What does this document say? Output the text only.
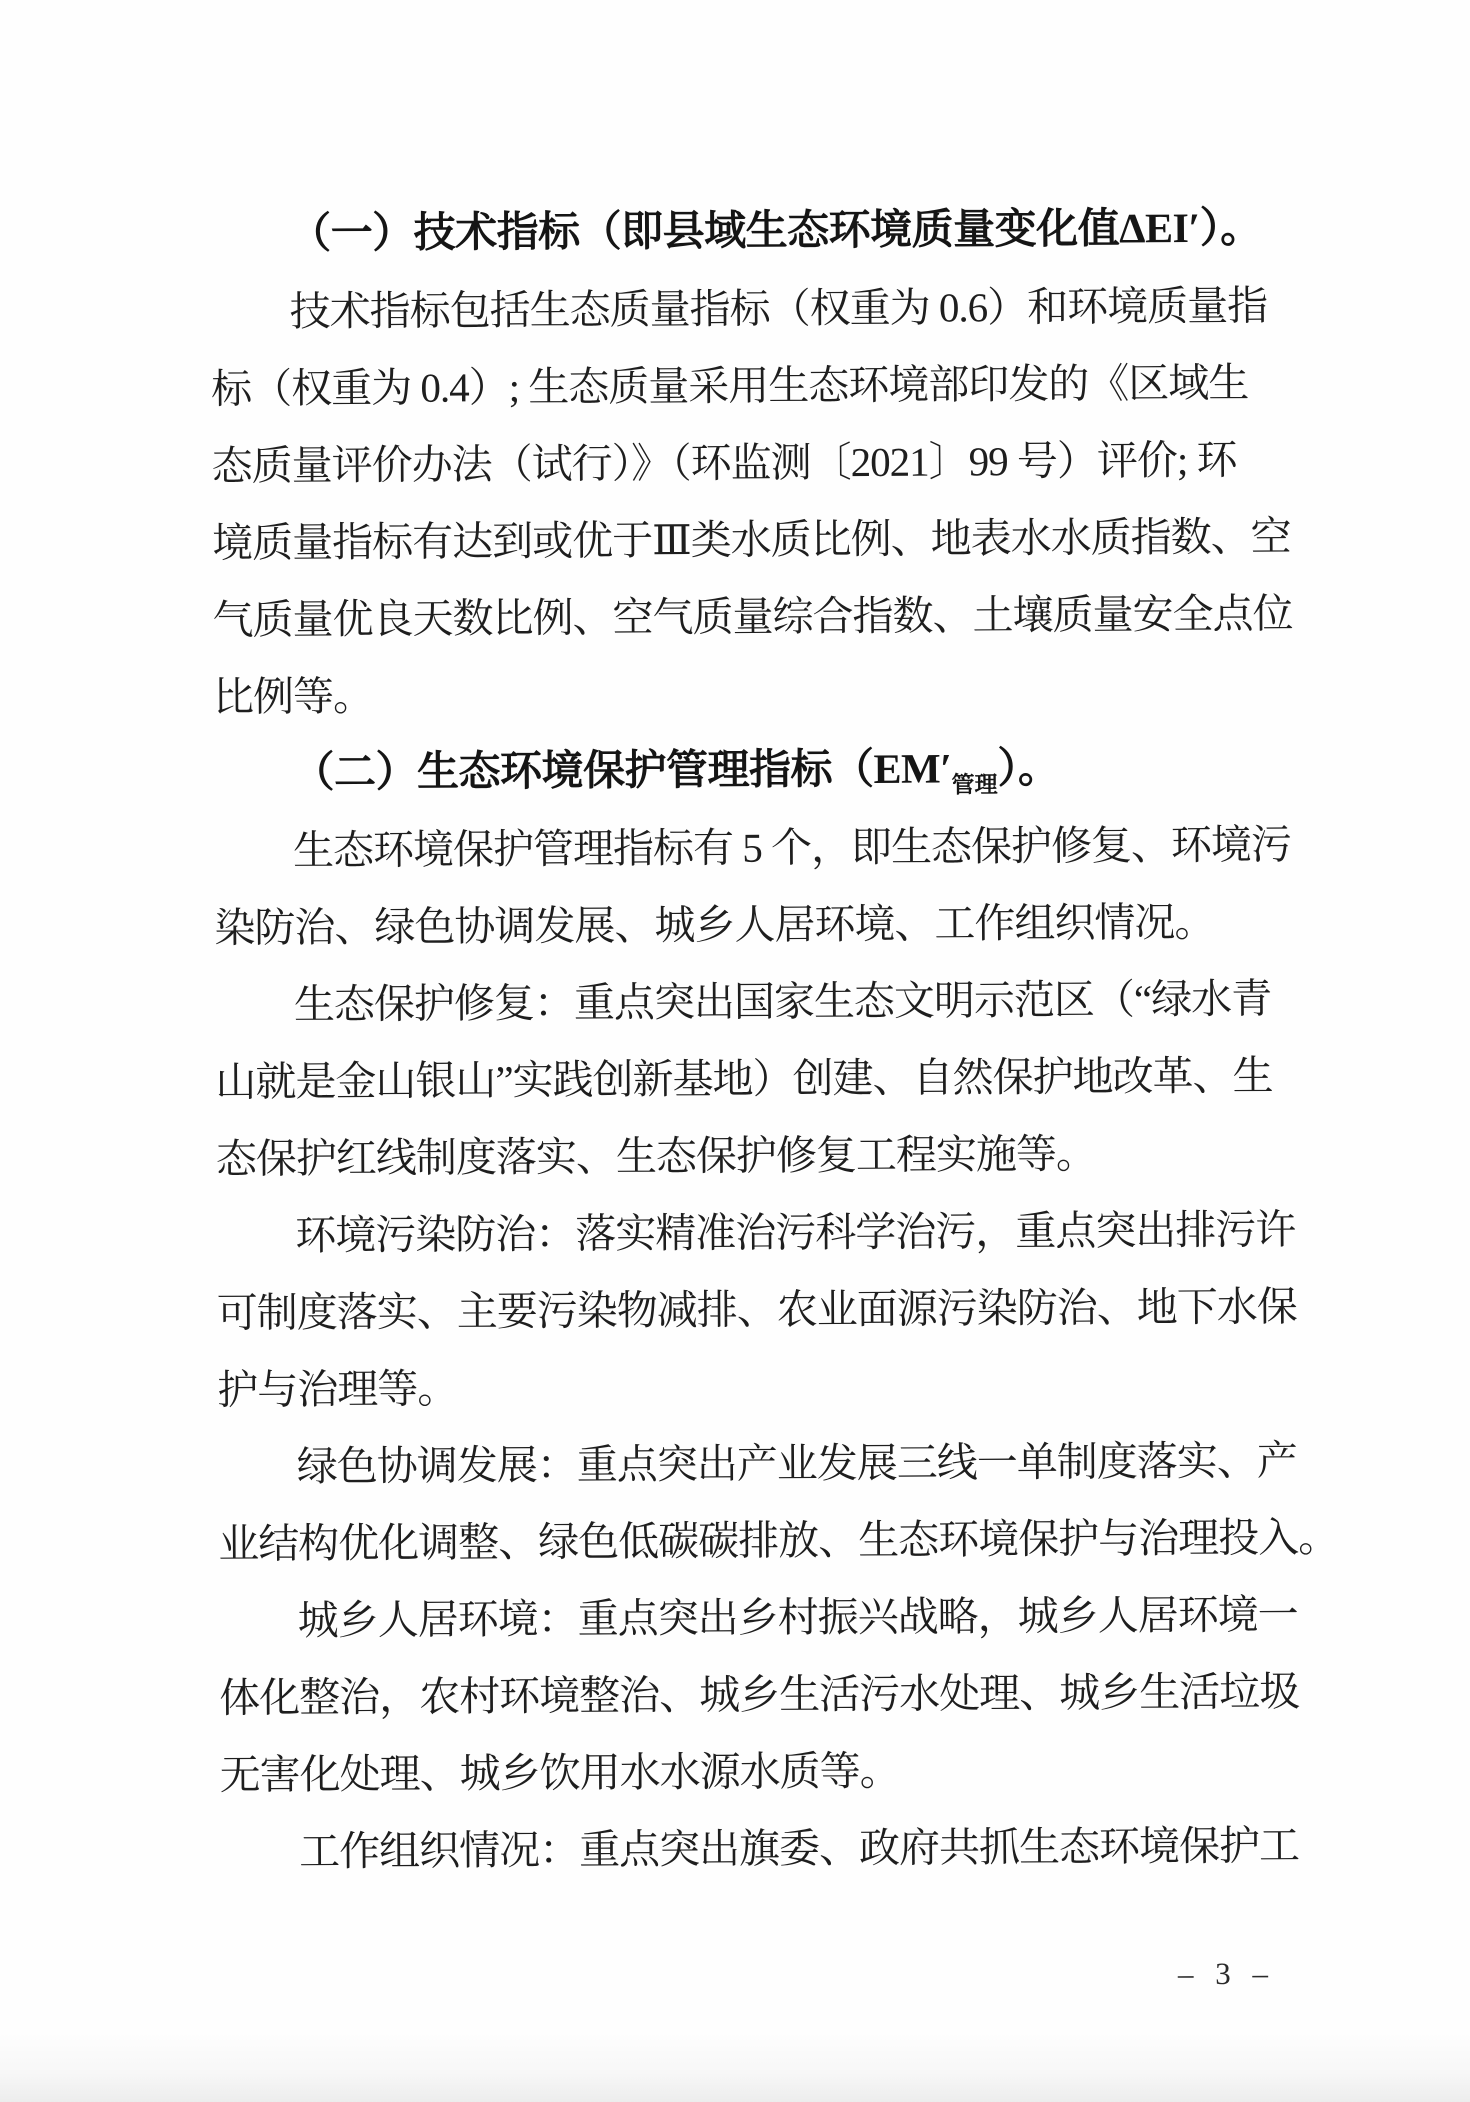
（一）技术指标（即县域生态环境质量变化值ΔEI′）。
技术指标包括生态质量指标（权重为 0.6）和环境质量指
标（权重为 0.4）; 生态质量采用生态环境部印发的《区域生
态质量评价办法（试行）》（环监测〔2021〕99 号）评价; 环
境质量指标有达到或优于Ⅲ类水质比例、地表水水质指数、空
气质量优良天数比例、空气质量综合指数、土壤质量安全点位
比例等。
（二）生态环境保护管理指标$(EM'_{管理})$。
生态环境保护管理指标有 5 个，即生态保护修复、环境污
染防治、绿色协调发展、城乡人居环境、工作组织情况。
生态保护修复：重点突出国家生态文明示范区（“绿水青
山就是金山银山”实践创新基地）创建、自然保护地改革、生
态保护红线制度落实、生态保护修复工程实施等。
环境污染防治：落实精准治污科学治污，重点突出排污许
可制度落实、主要污染物减排、农业面源污染防治、地下水保
护与治理等。
绿色协调发展：重点突出产业发展三线一单制度落实、产
业结构优化调整、绿色低碳碳排放、生态环境保护与治理投入。
城乡人居环境：重点突出乡村振兴战略，城乡人居环境一
体化整治，农村环境整治、城乡生活污水处理、城乡生活垃圾
无害化处理、城乡饮用水水源水质等。
工作组织情况：重点突出旗委、政府共抓生态环境保护工
– 3 –
